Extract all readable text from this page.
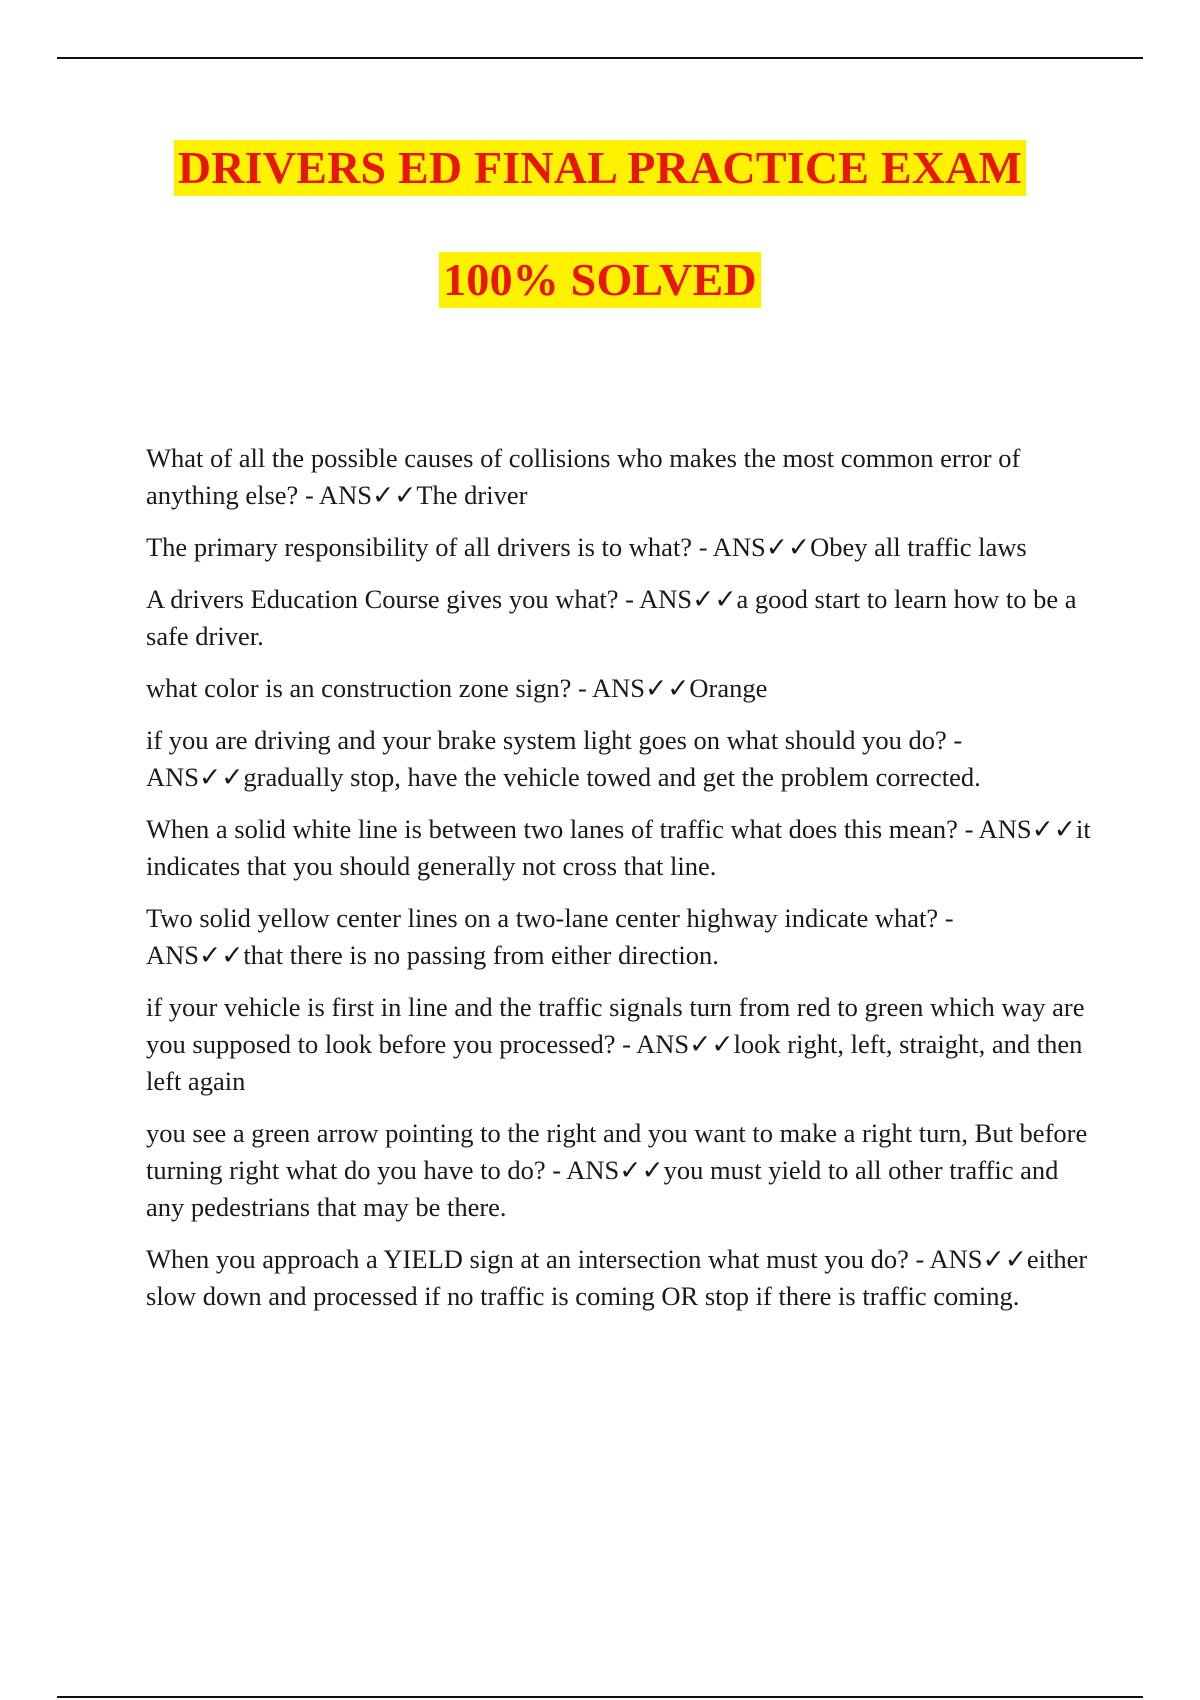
DRIVERS ED FINAL PRACTICE EXAM
100% SOLVED

What of all the possible causes of collisions who makes the most common error of anything else? - ANS✓✓The driver

The primary responsibility of all drivers is to what? - ANS✓✓Obey all traffic laws

A drivers Education Course gives you what? - ANS✓✓a good start to learn how to be a safe driver.

what color is an construction zone sign? - ANS✓✓Orange

if you are driving and your brake system light goes on what should you do? - ANS✓✓gradually stop, have the vehicle towed and get the problem corrected.

When a solid white line is between two lanes of traffic what does this mean? - ANS✓✓it indicates that you should generally not cross that line.

Two solid yellow center lines on a two-lane center highway indicate what? - ANS✓✓that there is no passing from either direction.

if your vehicle is first in line and the traffic signals turn from red to green which way are you supposed to look before you processed? - ANS✓✓look right, left, straight, and then left again

you see a green arrow pointing to the right and you want to make a right turn, But before turning right what do you have to do? - ANS✓✓you must yield to all other traffic and any pedestrians that may be there.

When you approach a YIELD sign at an intersection what must you do? - ANS✓✓either slow down and processed if no traffic is coming OR stop if there is traffic coming.
